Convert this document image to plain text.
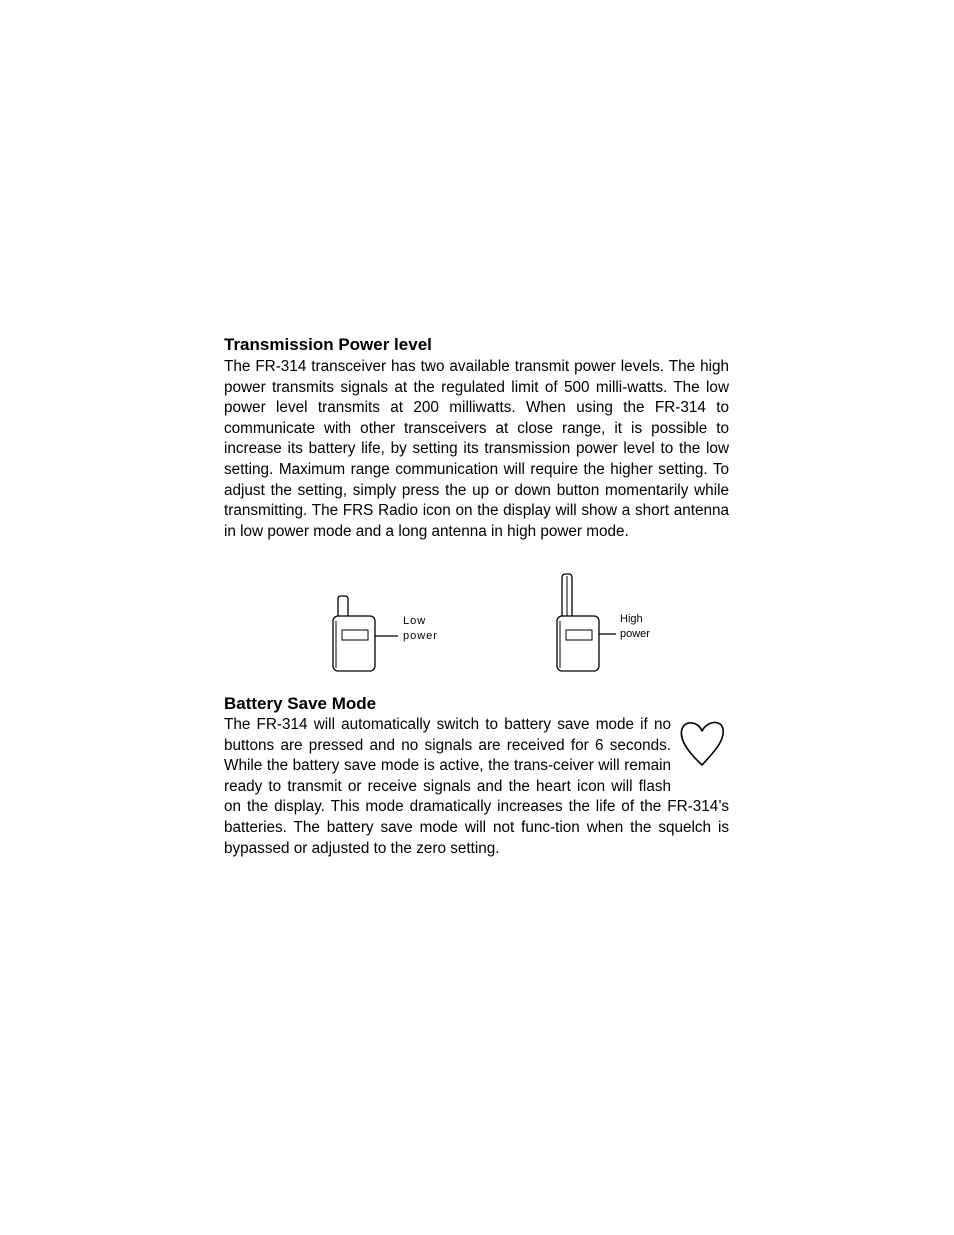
Transmission Power level

The FR-314 transceiver has two available transmit power levels. The high power transmits signals at the regulated limit of 500 milli-watts. The low power level transmits at 200 milliwatts. When using the FR-314 to communicate with other transceivers at close range, it is possible to increase its battery life, by setting its transmission power level to the low setting. Maximum range communication will require the higher setting. To adjust the setting, simply press the up or down button momentarily while transmitting. The FRS Radio icon on the display will show a short antenna in low power mode and a long antenna in high power mode.

Low
power
High
power
Battery Save Mode
The FR-314 will automatically switch to battery save mode if no buttons are pressed and no signals are received for 6 seconds. While the battery save mode is active, the trans-ceiver will remain ready to transmit or receive signals and the heart icon will flash on the display. This mode dramatically increases the life of the FR-314’s batteries. The battery save mode will not func-tion when the squelch is bypassed or adjusted to the zero setting.
